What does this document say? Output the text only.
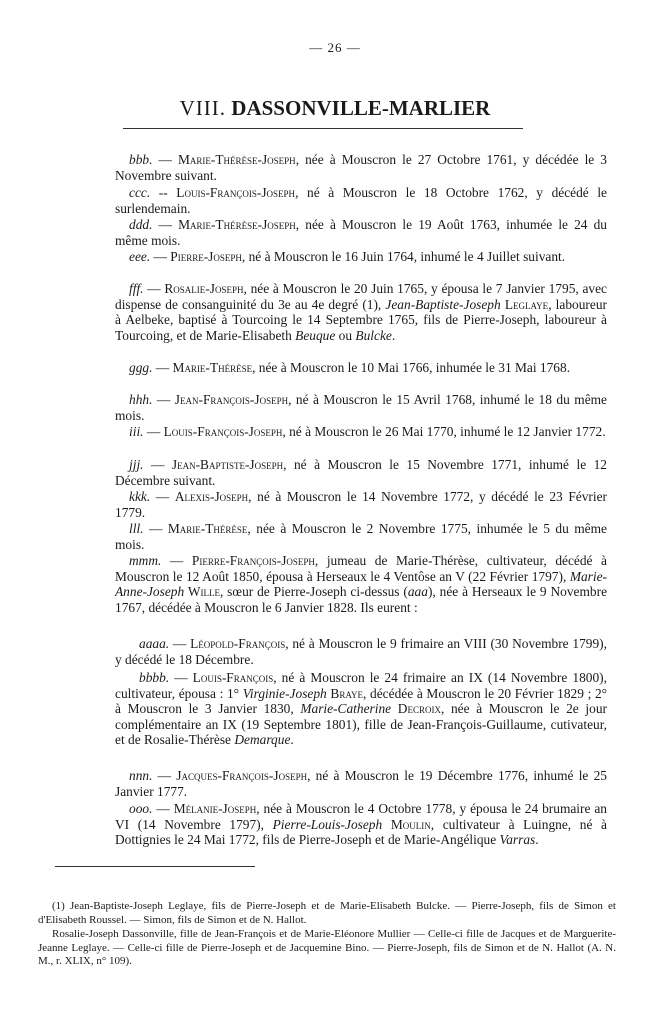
— 26 —
VIII. DASSONVILLE-MARLIER
bbb. — Marie-Thérèse-Joseph, née à Mouscron le 27 Octobre 1761, y décédée le 3 Novembre suivant.
ccc. -- Louis-François-Joseph, né à Mouscron le 18 Octobre 1762, y décédé le surlendemain.
ddd. — Marie-Thérèse-Joseph, née à Mouscron le 19 Août 1763, inhumée le 24 du même mois.
eee. — Pierre-Joseph, né à Mouscron le 16 Juin 1764, inhumé le 4 Juillet suivant.
fff. — Rosalie-Joseph, née à Mouscron le 20 Juin 1765, y épousa le 7 Janvier 1795, avec dispense de consanguinité du 3e au 4e degré (1), Jean-Baptiste-Joseph Leglaye, laboureur à Aelbeke, baptisé à Tourcoing le 14 Septembre 1765, fils de Pierre-Joseph, laboureur à Tourcoing, et de Marie-Elisabeth Beuque ou Bulcke.
ggg. — Marie-Thérèse, née à Mouscron le 10 Mai 1766, inhumée le 31 Mai 1768.
hhh. — Jean-François-Joseph, né à Mouscron le 15 Avril 1768, inhumé le 18 du même mois.
iii. — Louis-François-Joseph, né à Mouscron le 26 Mai 1770, inhumé le 12 Janvier 1772.
jjj. — Jean-Baptiste-Joseph, né à Mouscron le 15 Novembre 1771, inhumé le 12 Décembre suivant.
kkk. — Alexis-Joseph, né à Mouscron le 14 Novembre 1772, y décédé le 23 Février 1779.
lll. — Marie-Thérèse, née à Mouscron le 2 Novembre 1775, inhumée le 5 du même mois.
mmm. — Pierre-François-Joseph, jumeau de Marie-Thérèse, cultivateur, décédé à Mouscron le 12 Août 1850, épousa à Herseaux le 4 Ventôse an V (22 Février 1797), Marie-Anne-Joseph Wille, sœur de Pierre-Joseph ci-dessus (aaa), née à Herseaux le 9 Novembre 1767, décédée à Mouscron le 6 Janvier 1828. Ils eurent :
aaaa. — Léopold-François, né à Mouscron le 9 frimaire an VIII (30 Novembre 1799), y décédé le 18 Décembre.
bbbb. — Louis-François, né à Mouscron le 24 frimaire an IX (14 Novembre 1800), cultivateur, épousa : 1° Virginie-Joseph Braye, décédée à Mouscron le 20 Février 1829 ; 2° à Mouscron le 3 Janvier 1830, Marie-Catherine Decroix, née à Mouscron le 2e jour complémentaire an IX (19 Septembre 1801), fille de Jean-François-Guillaume, cutivateur, et de Rosalie-Thérèse Demarque.
nnn. — Jacques-François-Joseph, né à Mouscron le 19 Décembre 1776, inhumé le 25 Janvier 1777.
ooo. — Mélanie-Joseph, née à Mouscron le 4 Octobre 1778, y épousa le 24 brumaire an VI (14 Novembre 1797), Pierre-Louis-Joseph Moulin, cultivateur à Luingne, né à Dottignies le 24 Mai 1772, fils de Pierre-Joseph et de Marie-Angélique Varras.

(1) Jean-Baptiste-Joseph Leglaye, fils de Pierre-Joseph et de Marie-Elisabeth Bulcke. — Pierre-Joseph, fils de Simon et d'Elisabeth Roussel. — Simon, fils de Simon et de N. Hallot.

Rosalie-Joseph Dassonville, fille de Jean-François et de Marie-Eléonore Mullier — Celle-ci fille de Jacques et de Marguerite-Jeanne Leglaye. — Celle-ci fille de Pierre-Joseph et de Jacquemine Bino. — Pierre-Joseph, fils de Simon et de N. Hallot (A. N. M., r. XLIX, n° 109).
